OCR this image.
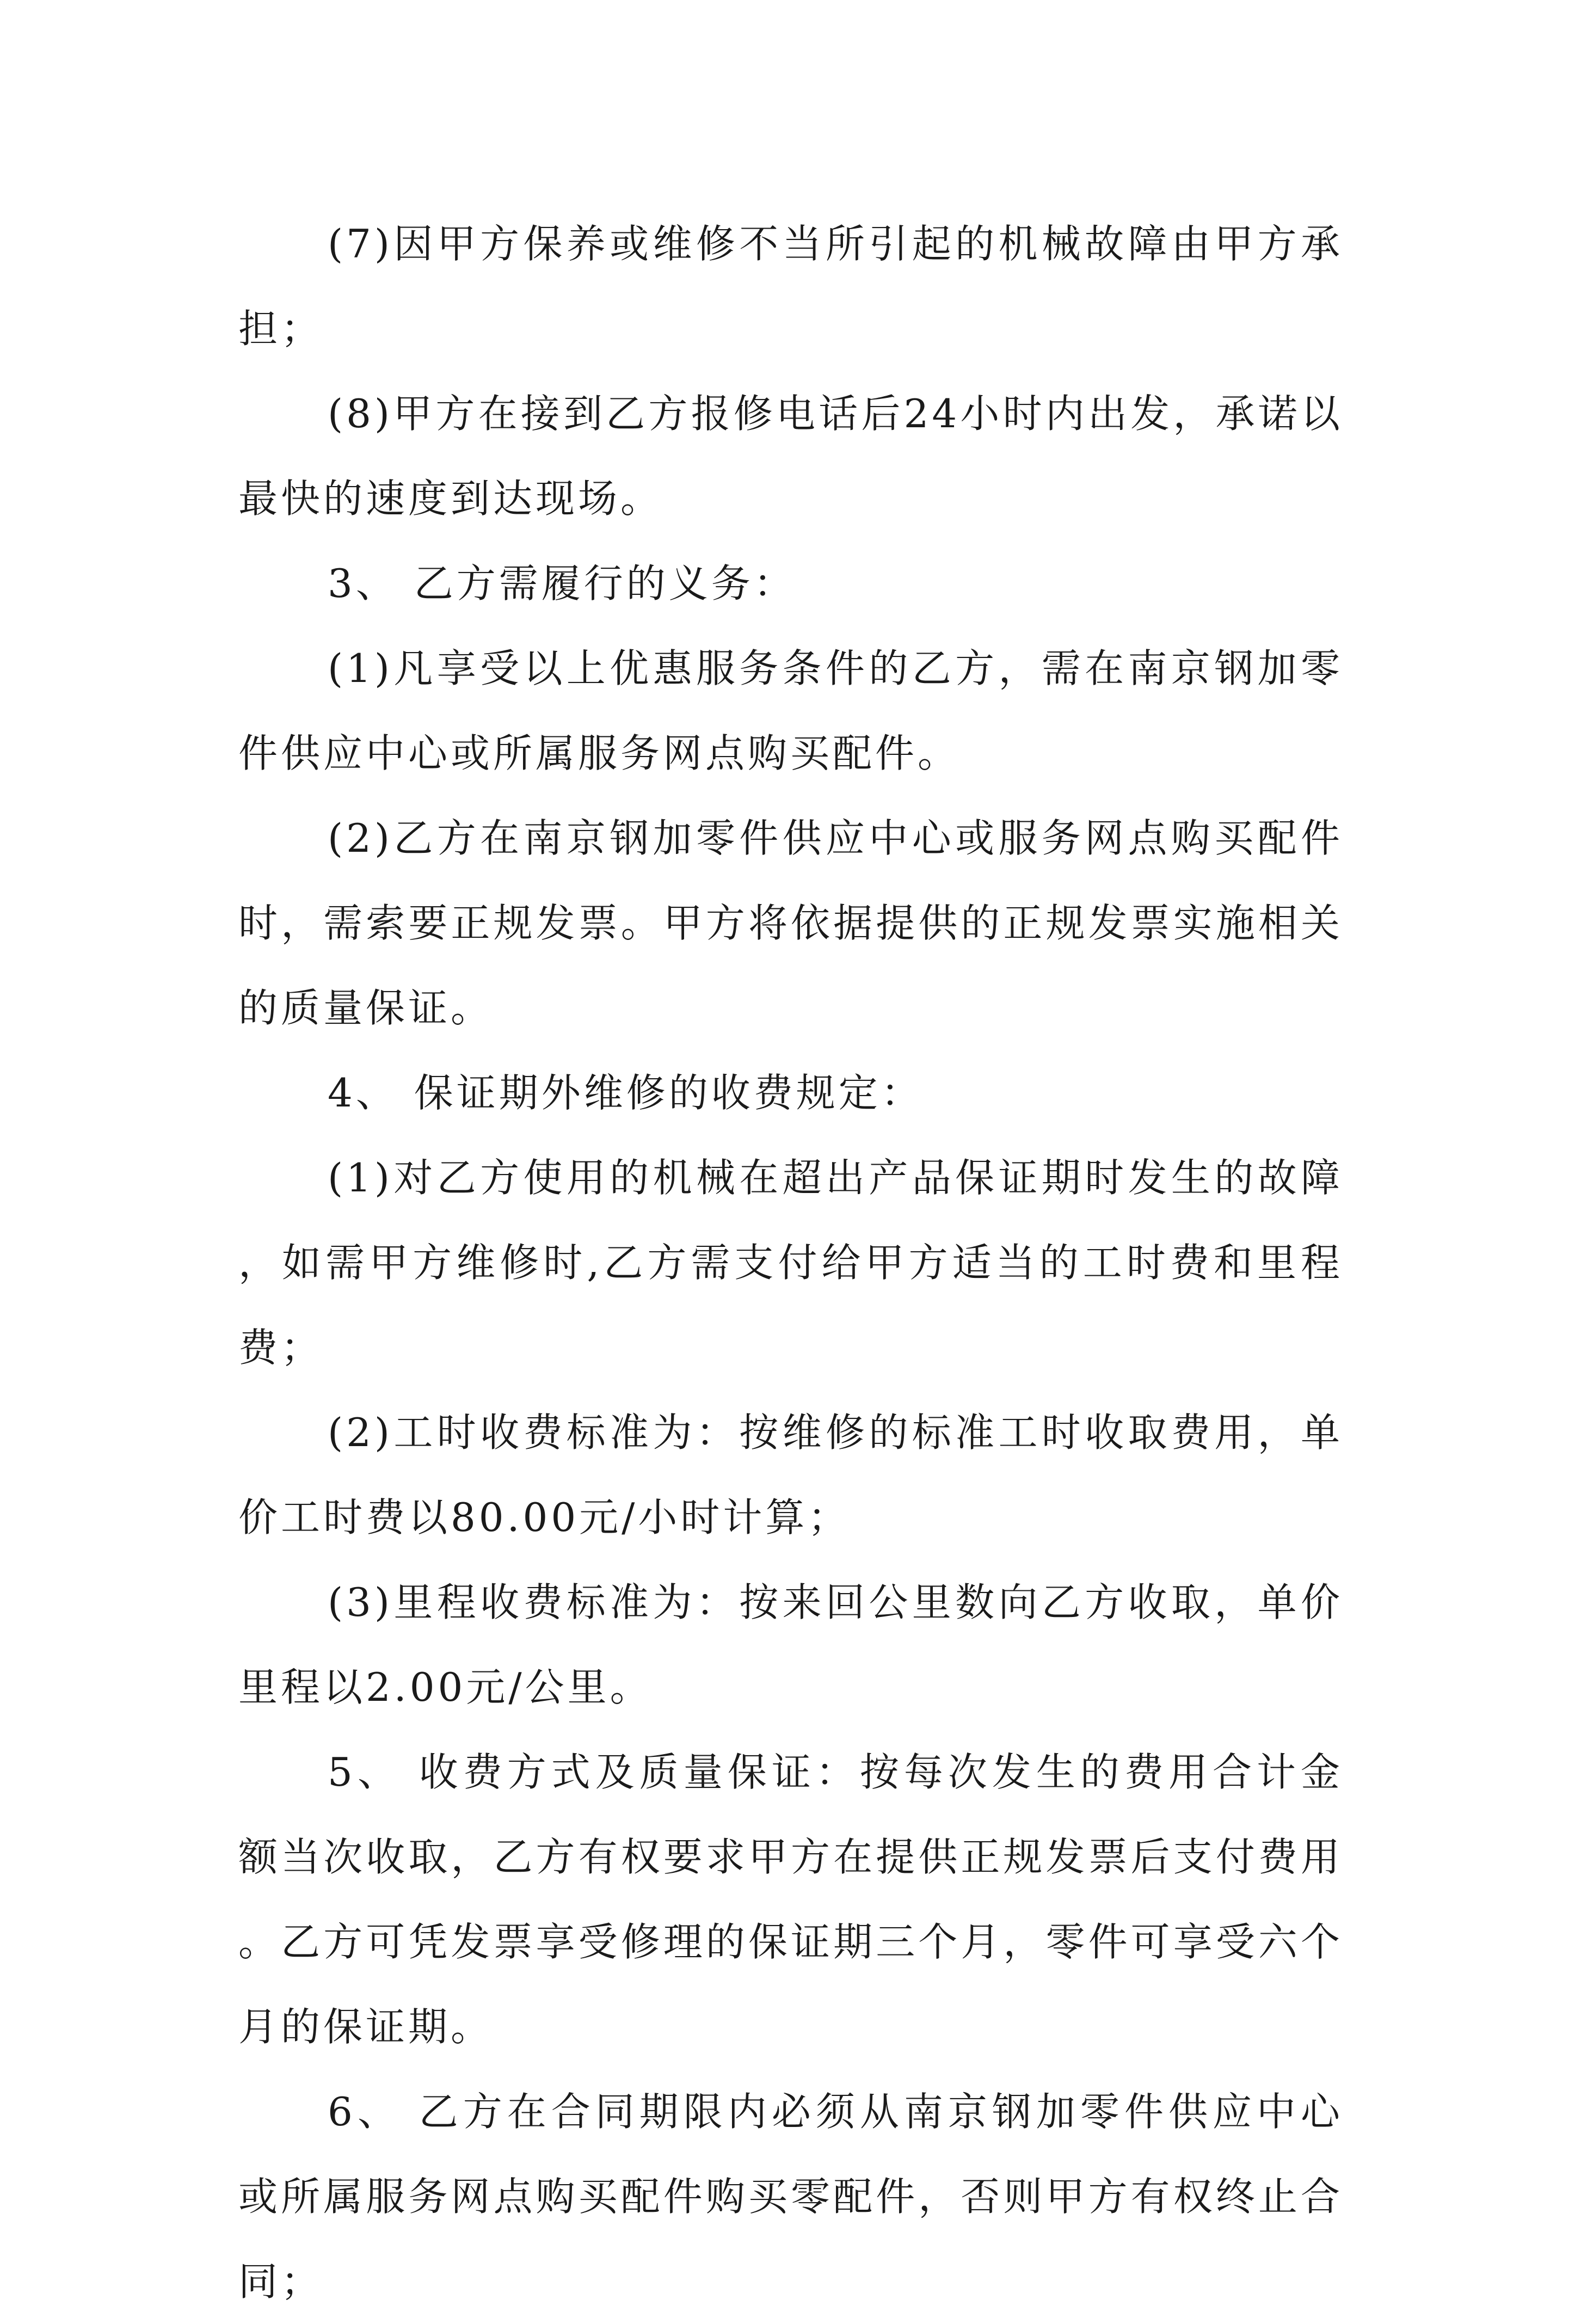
(7)因甲方保养或维修不当所引起的机械故障由甲方承担；

(8)甲方在接到乙方报修电话后24小时内出发，承诺以最快的速度到达现场。

3、 乙方需履行的义务：

(1)凡享受以上优惠服务条件的乙方，需在南京钢加零件供应中心或所属服务网点购买配件。

(2)乙方在南京钢加零件供应中心或服务网点购买配件时，需索要正规发票。甲方将依据提供的正规发票实施相关的质量保证。

4、 保证期外维修的收费规定：

(1)对乙方使用的机械在超出产品保证期时发生的故障，如需甲方维修时,乙方需支付给甲方适当的工时费和里程费；

(2)工时收费标准为：按维修的标准工时收取费用，单价工时费以80.00元/小时计算；

(3)里程收费标准为：按来回公里数向乙方收取，单价里程以2.00元/公里。

5、 收费方式及质量保证：按每次发生的费用合计金额当次收取，乙方有权要求甲方在提供正规发票后支付费用。乙方可凭发票享受修理的保证期三个月，零件可享受六个月的保证期。

6、 乙方在合同期限内必须从南京钢加零件供应中心或所属服务网点购买配件购买零配件，否则甲方有权终止合同；
